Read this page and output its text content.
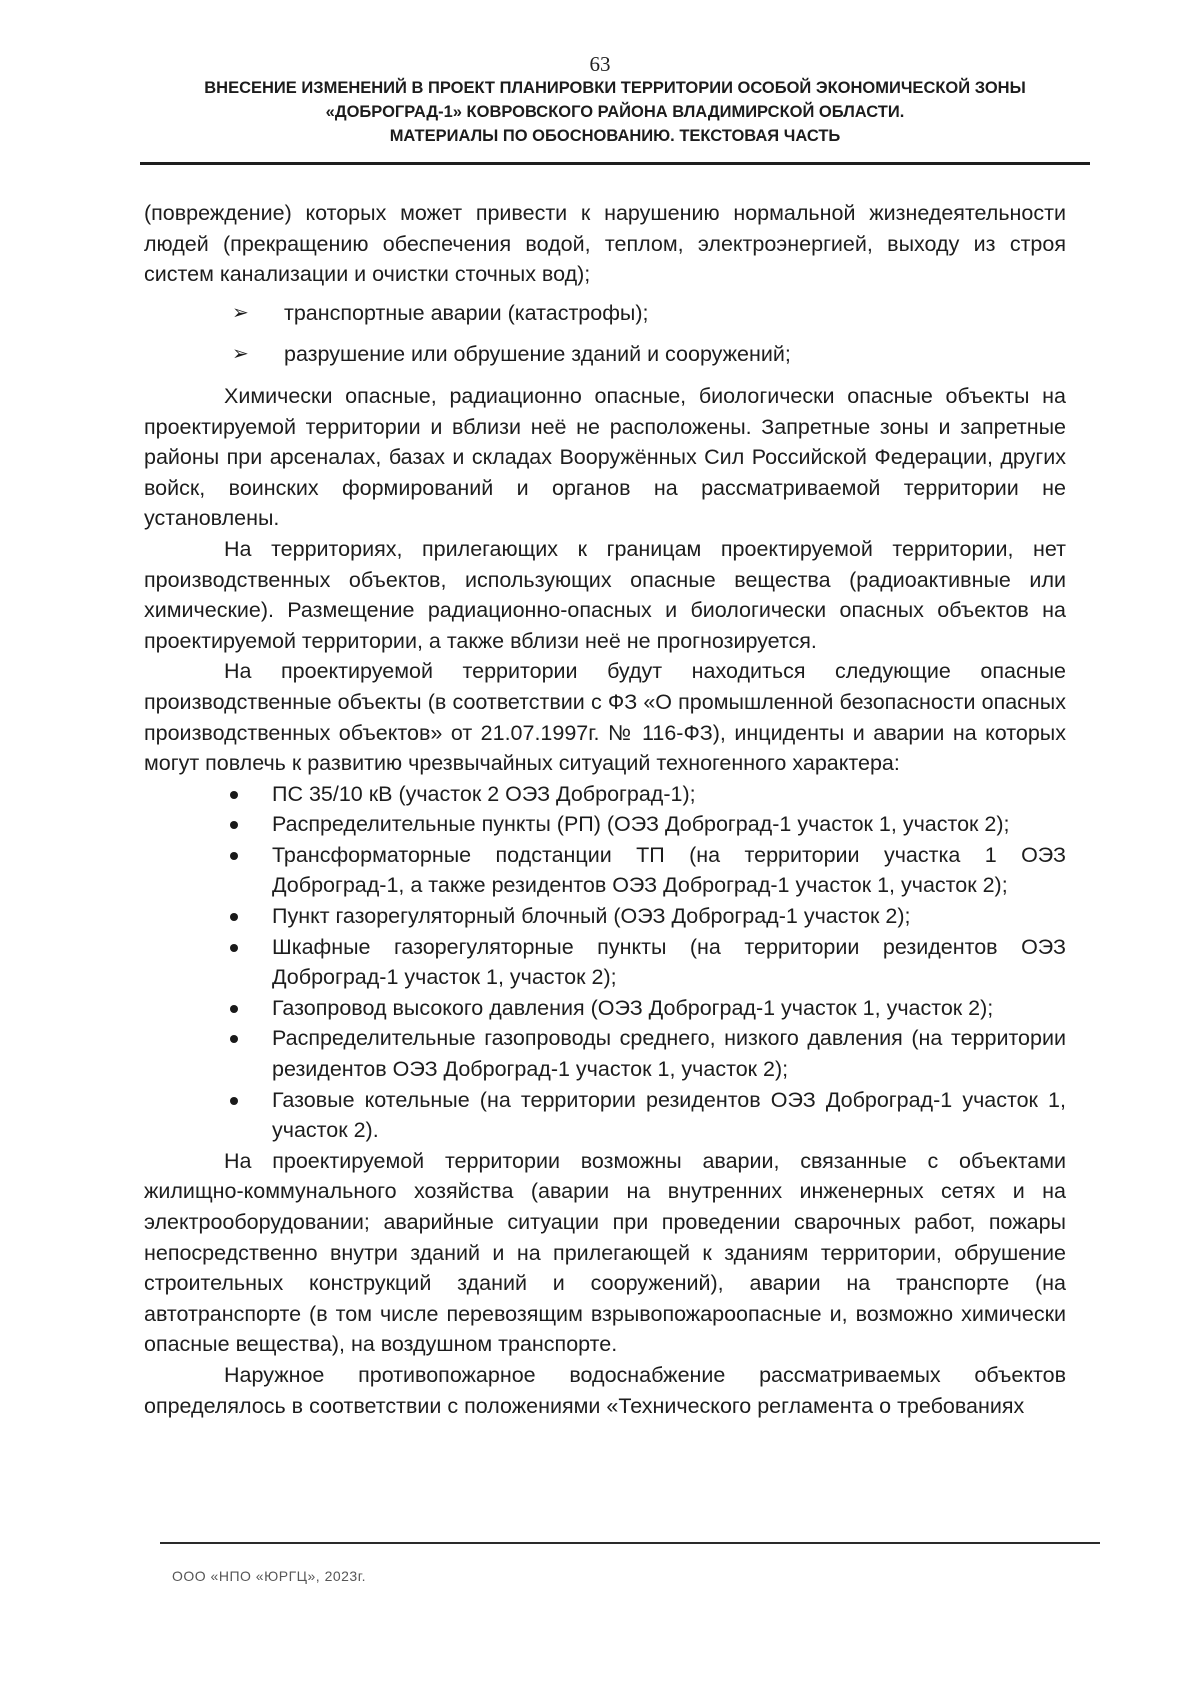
63
ВНЕСЕНИЕ ИЗМЕНЕНИЙ В ПРОЕКТ ПЛАНИРОВКИ ТЕРРИТОРИИ ОСОБОЙ ЭКОНОМИЧЕСКОЙ ЗОНЫ
«ДОБРОГРАД-1» КОВРОВСКОГО РАЙОНА ВЛАДИМИРСКОЙ ОБЛАСТИ.
МАТЕРИАЛЫ ПО ОБОСНОВАНИЮ. ТЕКСТОВАЯ ЧАСТЬ

(повреждение) которых может привести к нарушению нормальной жизнедеятельности людей (прекращению обеспечения водой, теплом, электроэнергией, выходу из строя систем канализации и очистки сточных вод);

➢ транспортные аварии (катастрофы);
➢ разрушение или обрушение зданий и сооружений;

Химически опасные, радиационно опасные, биологически опасные объекты на проектируемой территории и вблизи неё не расположены. Запретные зоны и запретные районы при арсеналах, базах и складах Вооружённых Сил Российской Федерации, других войск, воинских формирований и органов на рассматриваемой территории не установлены.

На территориях, прилегающих к границам проектируемой территории, нет производственных объектов, использующих опасные вещества (радиоактивные или химические). Размещение радиационно-опасных и биологически опасных объектов на проектируемой территории, а также вблизи неё не прогнозируется.

На проектируемой территории будут находиться следующие опасные производственные объекты (в соответствии с ФЗ «О промышленной безопасности опасных производственных объектов» от 21.07.1997г. № 116-ФЗ), инциденты и аварии на которых могут повлечь к развитию чрезвычайных ситуаций техногенного характера:

ПС 35/10 кВ (участок 2 ОЭЗ Доброград-1);
Распределительные пункты (РП) (ОЭЗ Доброград-1 участок 1, участок 2);
Трансформаторные подстанции ТП (на территории участка 1 ОЭЗ Доброград-1, а также резидентов ОЭЗ Доброград-1 участок 1, участок 2);
Пункт газорегуляторный блочный (ОЭЗ Доброград-1 участок 2);
Шкафные газорегуляторные пункты (на территории резидентов ОЭЗ Доброград-1 участок 1, участок 2);
Газопровод высокого давления (ОЭЗ Доброград-1 участок 1, участок 2);
Распределительные газопроводы среднего, низкого давления (на территории резидентов ОЭЗ Доброград-1 участок 1, участок 2);
Газовые котельные (на территории резидентов ОЭЗ Доброград-1 участок 1, участок 2).

На проектируемой территории возможны аварии, связанные с объектами жилищно-коммунального хозяйства (аварии на внутренних инженерных сетях и на электрооборудовании; аварийные ситуации при проведении сварочных работ, пожары непосредственно внутри зданий и на прилегающей к зданиям территории, обрушение строительных конструкций зданий и сооружений), аварии на транспорте (на автотранспорте (в том числе перевозящим взрывопожароопасные и, возможно химически опасные вещества), на воздушном транспорте.

Наружное противопожарное водоснабжение рассматриваемых объектов определялось в соответствии с положениями «Технического регламента о требованиях

ООО «НПО «ЮРГЦ», 2023г.
